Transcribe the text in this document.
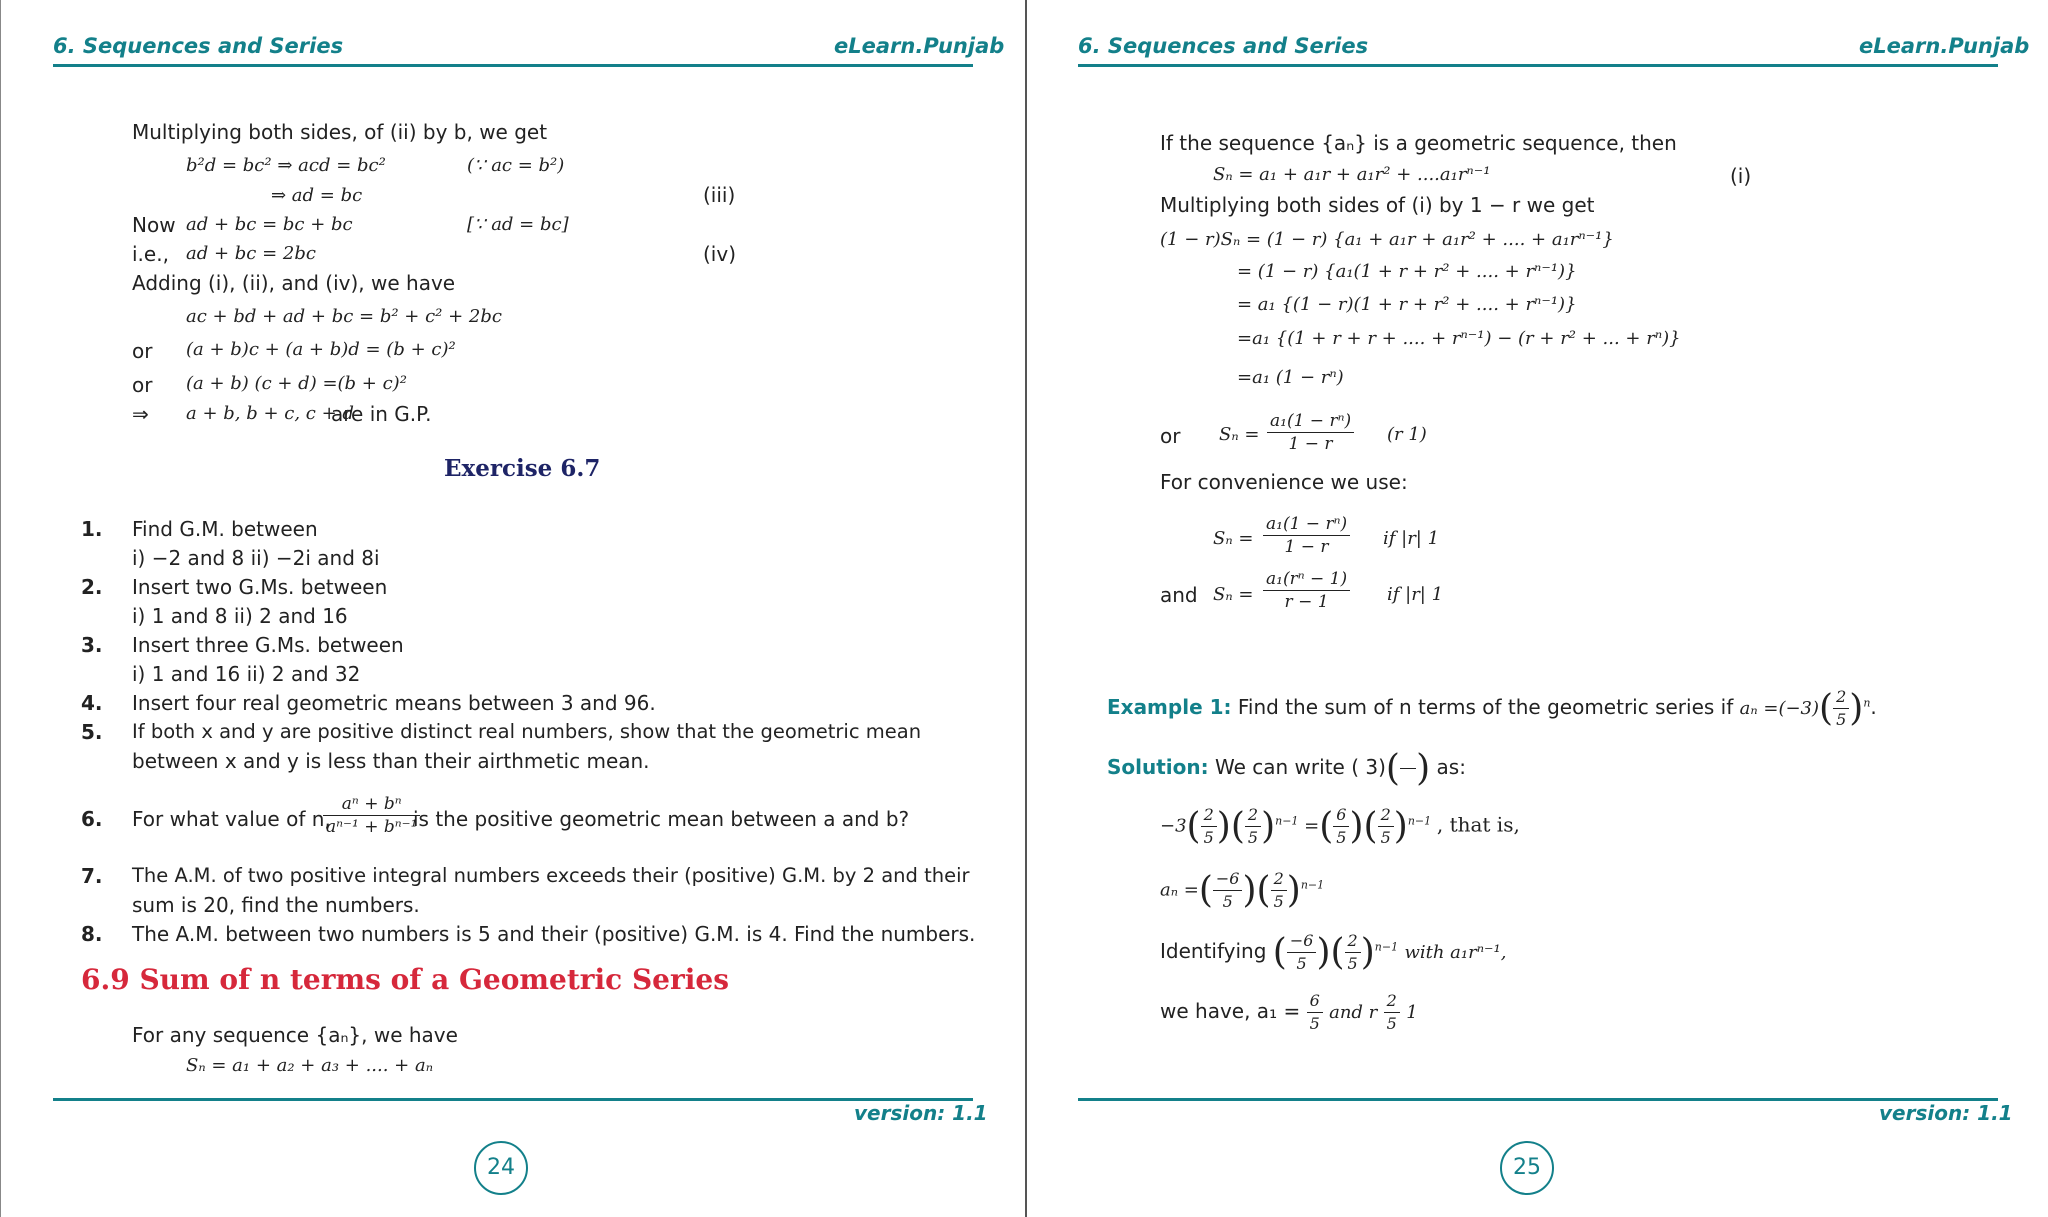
6. Sequences and Series	eLearn.Punjab
Multiplying both sides, of (ii) by b, we get
b²d = bc² ⇒ acd = bc²	(∵ ac = b²)
⇒ ad = bc	(iii)
Now ad + bc = bc + bc	[∵ ad = bc]
i.e., ad + bc = 2bc	(iv)
Adding (i), (ii), and (iv), we have
ac + bd + ad + bc = b² + c² + 2bc
or (a + b)c + (a + b)d = (b + c)²
or (a + b) (c + d) =(b + c)²
⇒ a + b, b + c, c + d
are in G.P.
Exercise 6.7
1. Find G.M. between
i) −2 and 8 ii) −2i and 8i
2. Insert two G.Ms. between
i) 1 and 8 ii) 2 and 16
3. Insert three G.Ms. between
i) 1 and 16 ii) 2 and 32
4. Insert four real geometric means between 3 and 96.
5. If both x and y are positive distinct real numbers, show that the geometric mean
between x and y is less than their airthmetic mean.
6. For what value of n,
$\frac{\text{aⁿ + bⁿ}}{\text{aⁿ⁻¹ + bⁿ⁻¹}}$
is the positive geometric mean between a and b?
7. The A.M. of two positive integral numbers exceeds their (positive) G.M. by 2 and their
sum is 20, find the numbers.
8. The A.M. between two numbers is 5 and their (positive) G.M. is 4. Find the numbers.
6.9 Sum of n terms of a Geometric Series
For any sequence {aₙ}, we have
Sₙ = a₁ + a₂ + a₃ + .... + aₙ
version: 1.1
24
6. Sequences and Series	eLearn.Punjab
If the sequence {aₙ} is a geometric sequence, then
Sₙ = a₁ + a₁r + a₁r² + ....a₁rⁿ⁻¹	(i)
Multiplying both sides of (i) by 1 − r we get
(1 − r)Sₙ = (1 − r) {a₁ + a₁r + a₁r² + .... + a₁rⁿ⁻¹}
= (1 − r) {a₁(1 + r + r² + .... + rⁿ⁻¹)}
= a₁ {(1 − r)(1 + r + r² + .... + rⁿ⁻¹)}
=a₁ {(1 + r + r + .... + rⁿ⁻¹) − (r + r² + ... + rⁿ)}
=a₁ (1 − rⁿ)
or $S_n = \frac{\text{a₁(1 − rⁿ)}}{1 - r} (r$ 1)
For convenience we use:
$S_n = \frac{\text{a₁(1 − rⁿ)}}{1 - r}$ if |r| 1
and $S_n = \frac{\text{a₁(rⁿ − 1)}}{r - 1}$ if |r| 1
Example 1: Find the sum of n terms of the geometric series if $a_n =(-3)( \frac{2}{5} )^n$.
Solution: We can write ( 3)( ) as:
$-3( \frac{2}{5}$ )( $\frac{2}{5} )^{n-1}$ =( $\frac{6}{5}$ )( $\frac{2}{5} )^{n-1}$ , that is,
aₙ =( $\frac{-6}{5}$ )( $\frac{2}{5} )^{n-1}$
Identifying ( $\frac{-6}{5}$ )( $\frac{2}{5} )^{n-1}$ with a₁rⁿ⁻¹,
we have, $a_1 = \frac{6}{5}$ and r $\frac{2}{5} 1$
version: 1.1
25
